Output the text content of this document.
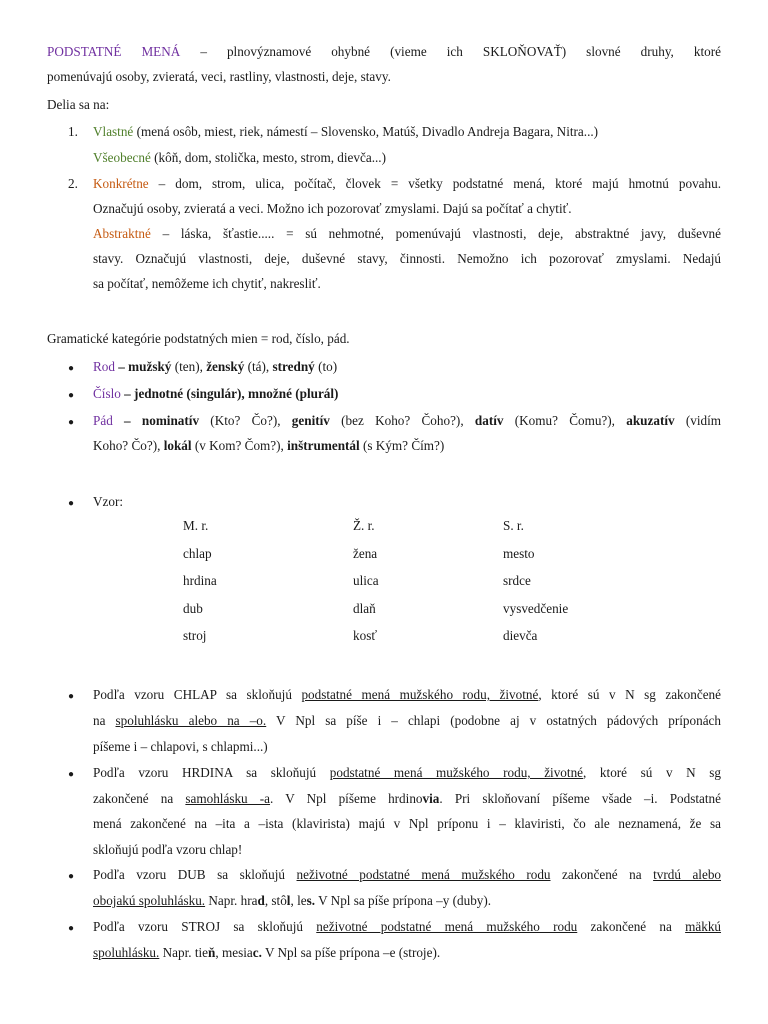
PODSTATNÉ MENÁ – plnovýznamové ohybné (vieme ich SKLOŇOVAŤ) slovné druhy, ktoré
pomenúvajú osoby, zvieratá, veci, rastliny, vlastnosti, deje, stavy.
Delia sa na:
1. Vlastné (mená osôb, miest, riek, námestí – Slovensko, Matúš, Divadlo Andreja Bagara, Nitra...)
Všeobecné (kôň, dom, stolička, mesto, strom, dievča...)
2. Konkrétne – dom, strom, ulica, počítač, človek = všetky podstatné mená, ktoré majú hmotnú povahu.
Označujú osoby, zvieratá a veci. Možno ich pozorovať zmyslami. Dajú sa počítať a chytiť.
Abstraktné – láska, šťastie..... = sú nehmotné, pomenúvajú vlastnosti, deje, abstraktné javy, duševné
stavy. Označujú vlastnosti, deje, duševné stavy, činnosti. Nemožno ich pozorovať zmyslami. Nedajú
sa počítať, nemôžeme ich chytiť, nakresliť.
Gramatické kategórie podstatných mien = rod, číslo, pád.
● Rod – mužský (ten), ženský (tá), stredný (to)
● Číslo – jednotné (singulár), množné (plurál)
● Pád – nominatív (Kto? Čo?), genitív (bez Koho? Čoho?), datív (Komu? Čomu?), akuzatív (vidím
Koho? Čo?), lokál (v Kom? Čom?), inštrumentál (s Kým? Čím?)
● Vzor:
M. r.	Ž. r.	S. r.
chlap	žena	mesto
hrdina	ulica	srdce
dub	dlaň	vysvedčenie
stroj	kosť	dievča
● Podľa vzoru CHLAP sa skloňujú podstatné mená mužského rodu, životné, ktoré sú v N sg zakončené
na spoluhlásku alebo na –o. V Npl sa píše i – chlapi (podobne aj v ostatných pádových príponách
píšeme i – chlapovi, s chlapmi...)
● Podľa vzoru HRDINA sa skloňujú podstatné mená mužského rodu, životné, ktoré sú v N sg
zakončené na samohlásku -a. V Npl píšeme hrdinovia. Pri skloňovaní píšeme všade –i. Podstatné
mená zakončené na –ita a –ista (klavirista) majú v Npl príponu i – klaviristi, čo ale neznamená, že sa
skloňujú podľa vzoru chlap!
● Podľa vzoru DUB sa skloňujú neživotné podstatné mená mužského rodu zakončené na tvrdú alebo
obojakú spoluhlásku. Napr. hrad, stôl, les. V Npl sa píše prípona –y (duby).
● Podľa vzoru STROJ sa skloňujú neživotné podstatné mená mužského rodu zakončené na mäkkú
spoluhlásku. Napr. tieň, mesiac. V Npl sa píše prípona –e (stroje).
